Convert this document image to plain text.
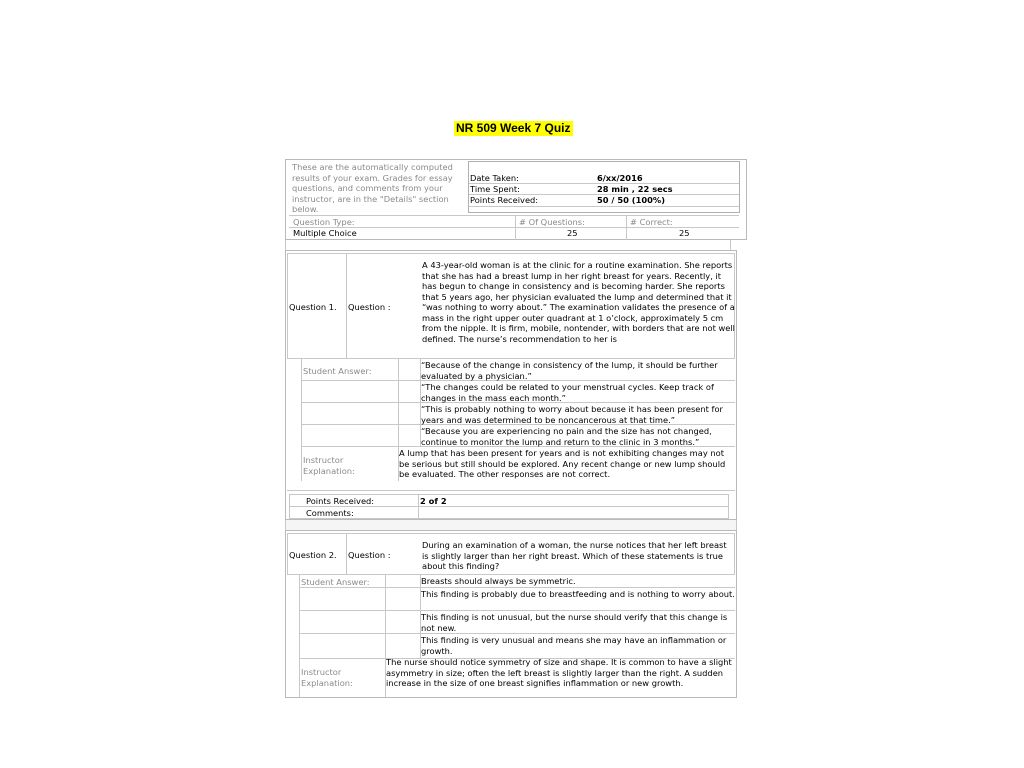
NR 509 Week 7 Quiz
These are the automatically computed results of your exam. Grades for essay questions, and comments from your instructor, are in the "Details" section below.
Date Taken:	6/xx/2016
Time Spent:	28 min , 22 secs
Points Received:	50 / 50 (100%)
Question Type:	# Of Questions:	# Correct:
Multiple Choice	25	25
Question 1. Question :
A 43-year-old woman is at the clinic for a routine examination. She reports that she has had a breast lump in her right breast for years. Recently, it has begun to change in consistency and is becoming harder. She reports that 5 years ago, her physician evaluated the lump and determined that it “was nothing to worry about.” The examination validates the presence of a mass in the right upper outer quadrant at 1 o’clock, approximately 5 cm from the nipple. It is firm, mobile, nontender, with borders that are not well defined. The nurse’s recommendation to her is
Student Answer:
“Because of the change in consistency of the lump, it should be further evaluated by a physician.”
“The changes could be related to your menstrual cycles. Keep track of changes in the mass each month.”
“This is probably nothing to worry about because it has been present for years and was determined to be noncancerous at that time.”
“Because you are experiencing no pain and the size has not changed, continue to monitor the lump and return to the clinic in 3 months.”
Instructor Explanation:
A lump that has been present for years and is not exhibiting changes may not be serious but still should be explored. Any recent change or new lump should be evaluated. The other responses are not correct.
Points Received:	2 of 2
Comments:
Question 2. Question :
During an examination of a woman, the nurse notices that her left breast is slightly larger than her right breast. Which of these statements is true about this finding?
Student Answer:	Breasts should always be symmetric.
This finding is probably due to breastfeeding and is nothing to worry about.
This finding is not unusual, but the nurse should verify that this change is not new.
This finding is very unusual and means she may have an inflammation or growth.
Instructor Explanation:
The nurse should notice symmetry of size and shape. It is common to have a slight asymmetry in size; often the left breast is slightly larger than the right. A sudden increase in the size of one breast signifies inflammation or new growth.
